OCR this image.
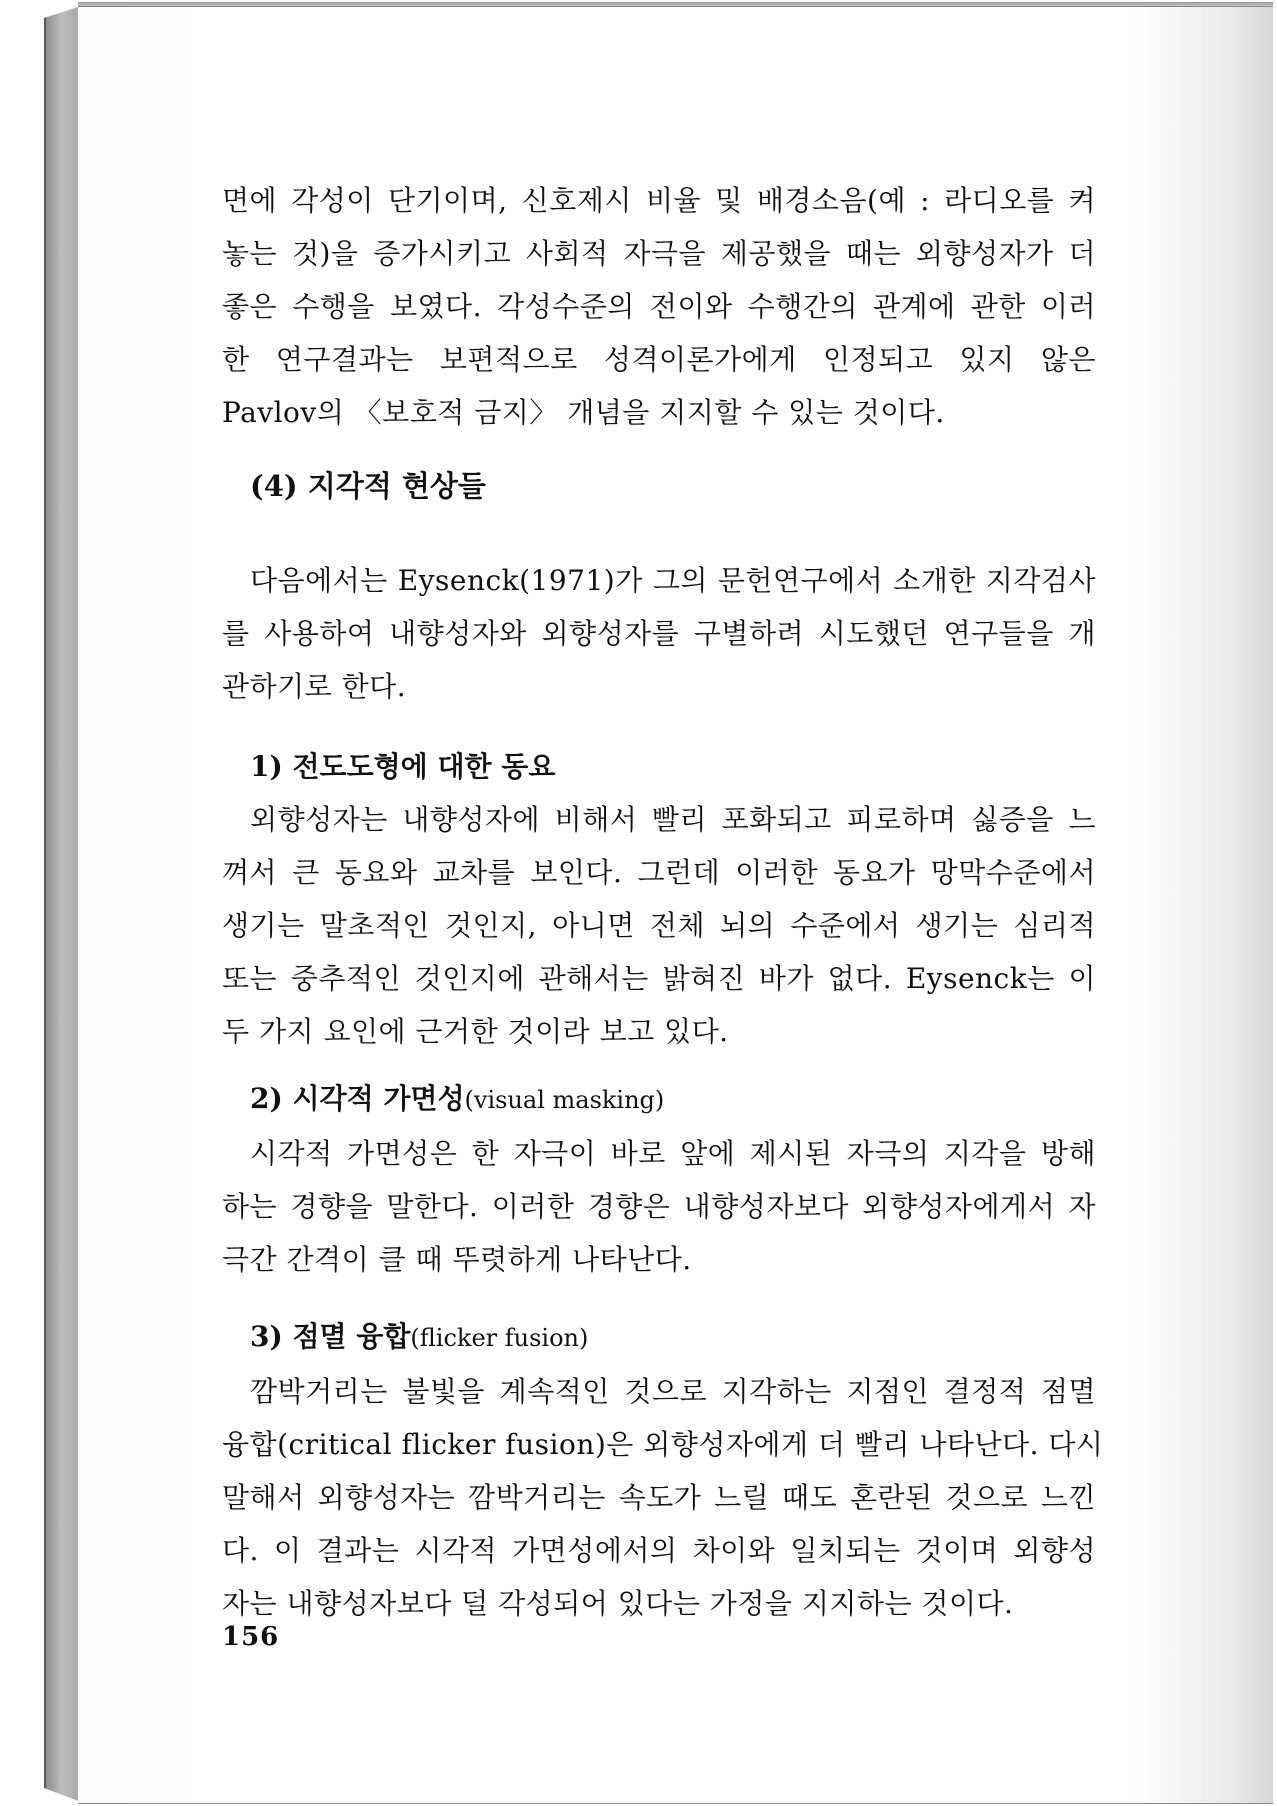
면에 각성이 단기이며, 신호제시 비율 및 배경소음(예 : 라디오를 켜
놓는 것)을 증가시키고 사회적 자극을 제공했을 때는 외향성자가 더
좋은 수행을 보였다. 각성수준의 전이와 수행간의 관계에 관한 이러
한 연구결과는 보편적으로 성격이론가에게 인정되고 있지 않은
Pavlov의 〈보호적 금지〉 개념을 지지할 수 있는 것이다.

(4) 지각적 현상들

다음에서는 Eysenck(1971)가 그의 문헌연구에서 소개한 지각검사
를 사용하여 내향성자와 외향성자를 구별하려 시도했던 연구들을 개
관하기로 한다.

1) 전도도형에 대한 동요

외향성자는 내향성자에 비해서 빨리 포화되고 피로하며 싫증을 느
껴서 큰 동요와 교차를 보인다. 그런데 이러한 동요가 망막수준에서
생기는 말초적인 것인지, 아니면 전체 뇌의 수준에서 생기는 심리적
또는 중추적인 것인지에 관해서는 밝혀진 바가 없다. Eysenck는 이
두 가지 요인에 근거한 것이라 보고 있다.

2) 시각적 가면성(visual masking)

시각적 가면성은 한 자극이 바로 앞에 제시된 자극의 지각을 방해
하는 경향을 말한다. 이러한 경향은 내향성자보다 외향성자에게서 자
극간 간격이 클 때 뚜렷하게 나타난다.

3) 점멸 융합(flicker fusion)

깜박거리는 불빛을 계속적인 것으로 지각하는 지점인 결정적 점멸
융합(critical flicker fusion)은 외향성자에게 더 빨리 나타난다. 다시
말해서 외향성자는 깜박거리는 속도가 느릴 때도 혼란된 것으로 느낀
다. 이 결과는 시각적 가면성에서의 차이와 일치되는 것이며 외향성
자는 내향성자보다 덜 각성되어 있다는 가정을 지지하는 것이다.

156
